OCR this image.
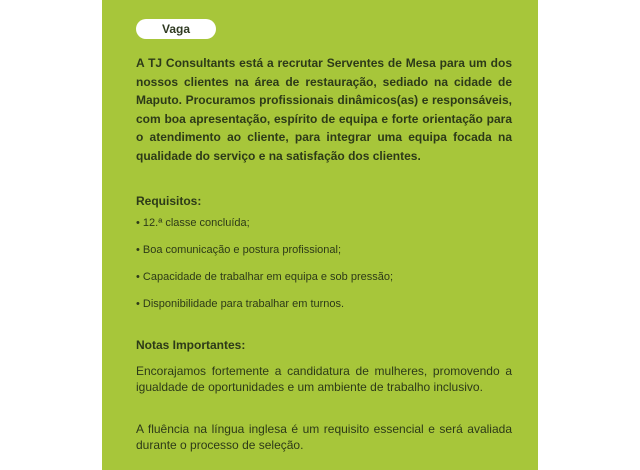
Vaga

A TJ Consultants está a recrutar Serventes de Mesa para um dos nossos clientes na área de restauração, sediado na cidade de Maputo. Procuramos profissionais dinâmicos(as) e responsáveis, com boa apresentação, espírito de equipa e forte orientação para o atendimento ao cliente, para integrar uma equipa focada na qualidade do serviço e na satisfação dos clientes.

Requisitos:
• 12.ª classe concluída;
• Boa comunicação e postura profissional;
• Capacidade de trabalhar em equipa e sob pressão;
• Disponibilidade para trabalhar em turnos.
Notas Importantes:

Encorajamos fortemente a candidatura de mulheres, promovendo a igualdade de oportunidades e um ambiente de trabalho inclusivo.

A fluência na língua inglesa é um requisito essencial e será avaliada durante o processo de seleção.
